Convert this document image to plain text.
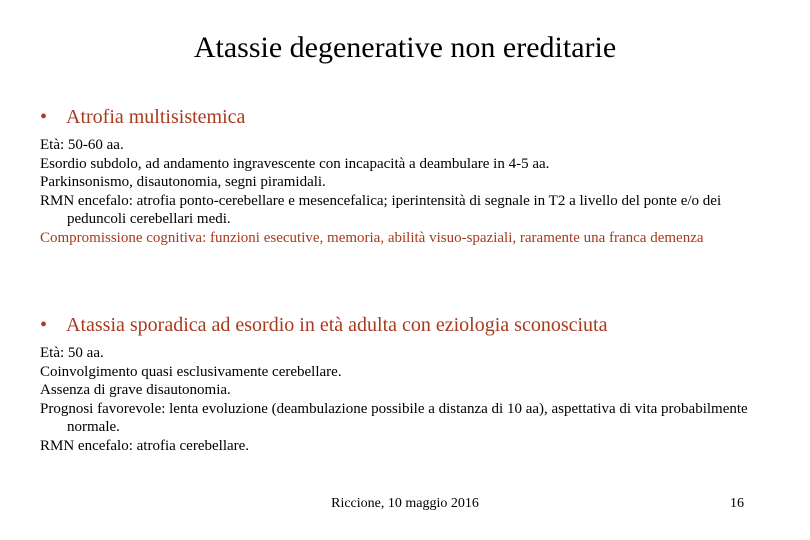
Atassie degenerative non ereditarie
• Atrofia multisistemica
Età: 50-60 aa.
Esordio subdolo, ad andamento ingravescente con incapacità a deambulare in 4-5 aa.
Parkinsonismo, disautonomia, segni piramidali.
RMN encefalo: atrofia ponto-cerebellare e mesencefalica; iperintensità di segnale in T2 a livello del ponte e/o dei peduncoli cerebellari medi.
Compromissione cognitiva: funzioni esecutive, memoria, abilità visuo-spaziali, raramente una franca demenza
• Atassia sporadica ad esordio in età adulta con eziologia sconosciuta
Età: 50 aa.
Coinvolgimento quasi esclusivamente cerebellare.
Assenza di grave disautonomia.
Prognosi favorevole: lenta evoluzione (deambulazione possibile a distanza di 10 aa), aspettativa di vita probabilmente normale.
RMN encefalo: atrofia cerebellare.
Riccione, 10 maggio 2016	16
